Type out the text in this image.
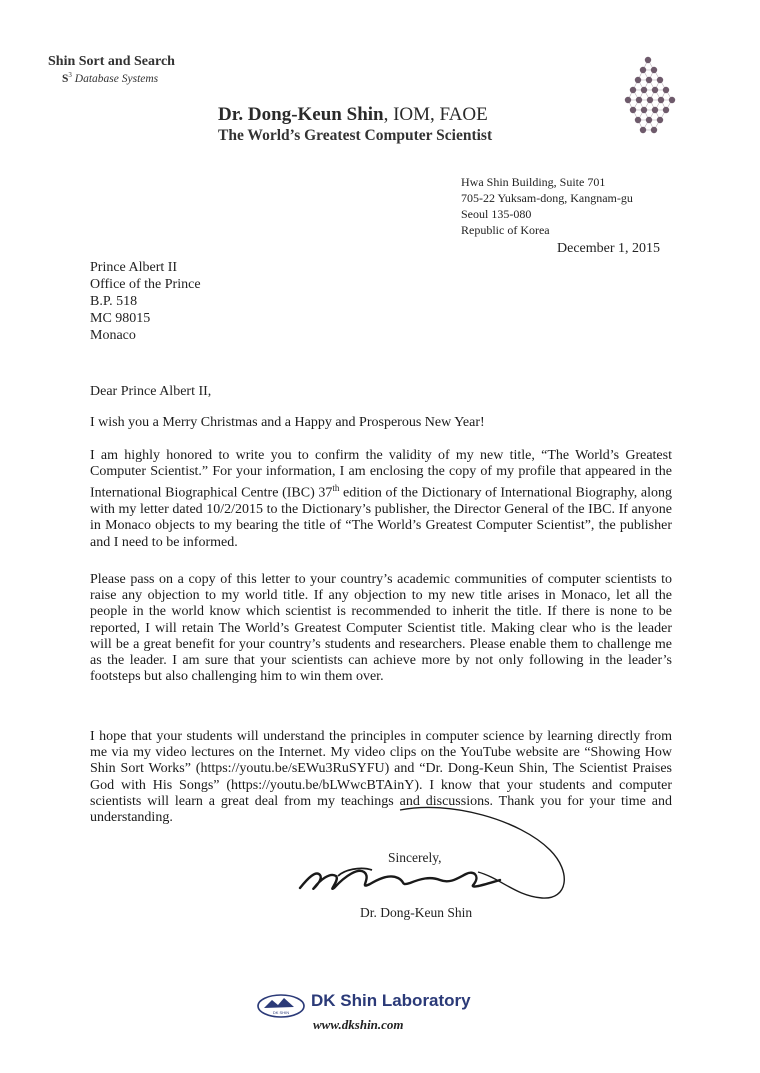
Shin Sort and Search
$S^3$ Database Systems
Dr. Dong-Keun Shin, IOM, FAOE
The World’s Greatest Computer Scientist
Hwa Shin Building, Suite 701
705-22 Yuksam-dong, Kangnam-gu
Seoul 135-080
Republic of Korea
December 1, 2015
Prince Albert II
Office of the Prince
B.P. 518
MC 98015
Monaco
Dear Prince Albert II,
I wish you a Merry Christmas and a Happy and Prosperous New Year!
I am highly honored to write you to confirm the validity of my new title, “The World’s Greatest Computer Scientist.” For your information, I am enclosing the copy of my profile that appeared in the International Biographical Centre (IBC) 37th edition of the Dictionary of International Biography, along with my letter dated 10/2/2015 to the Dictionary’s publisher, the Director General of the IBC. If anyone in Monaco objects to my bearing the title of “The World’s Greatest Computer Scientist”, the publisher and I need to be informed.
Please pass on a copy of this letter to your country’s academic communities of computer scientists to raise any objection to my world title. If any objection to my new title arises in Monaco, let all the people in the world know which scientist is recommended to inherit the title. If there is none to be reported, I will retain The World’s Greatest Computer Scientist title. Making clear who is the leader will be a great benefit for your country’s students and researchers. Please enable them to challenge me as the leader. I am sure that your scientists can achieve more by not only following in the leader’s footsteps but also challenging him to win them over.
I hope that your students will understand the principles in computer science by learning directly from me via my video lectures on the Internet. My video clips on the YouTube website are “Showing How Shin Sort Works” (https://youtu.be/sEWu3RuSYFU) and “Dr. Dong-Keun Shin, The Scientist Praises God with His Songs” (https://youtu.be/bLWwcBTAinY). I know that your students and computer scientists will learn a great deal from my teachings and discussions. Thank you for your time and understanding.
Sincerely,
Dr. Dong-Keun Shin
DK SHIN
DK Shin Laboratory
www.dkshin.com
